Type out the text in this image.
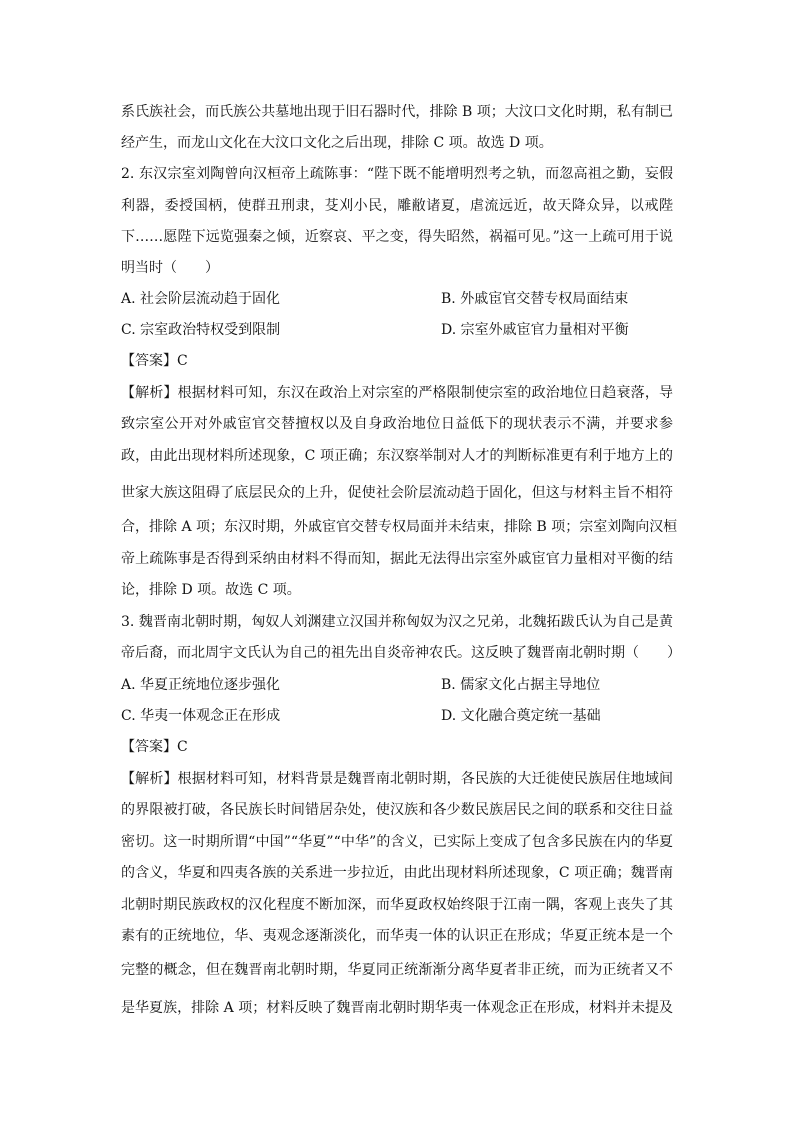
系氏族社会，而氏族公共墓地出现于旧石器时代，排除 B 项；大汶口文化时期，私有制已
经产生，而龙山文化在大汶口文化之后出现，排除 C 项。故选 D 项。
2. 东汉宗室刘陶曾向汉桓帝上疏陈事：“陛下既不能增明烈考之轨，而忽高祖之勤，妄假
利器，委授国柄，使群丑刑隶，芟刈小民，雕敝诸夏，虐流远近，故天降众异，以戒陛
下……愿陛下远览强秦之倾，近察哀、平之变，得失昭然，祸福可见。”这一上疏可用于说
明当时（　　）
A. 社会阶层流动趋于固化	B. 外戚宦官交替专权局面结束
C. 宗室政治特权受到限制	D. 宗室外戚宦官力量相对平衡
【答案】C
【解析】根据材料可知，东汉在政治上对宗室的严格限制使宗室的政治地位日趋衰落，导
致宗室公开对外戚宦官交替擅权以及自身政治地位日益低下的现状表示不满，并要求参
政，由此出现材料所述现象，C 项正确；东汉察举制对人才的判断标准更有利于地方上的
世家大族这阻碍了底层民众的上升，促使社会阶层流动趋于固化，但这与材料主旨不相符
合，排除 A 项；东汉时期，外戚宦官交替专权局面并未结束，排除 B 项；宗室刘陶向汉桓
帝上疏陈事是否得到采纳由材料不得而知，据此无法得出宗室外戚宦官力量相对平衡的结
论，排除 D 项。故选 C 项。
3. 魏晋南北朝时期，匈奴人刘渊建立汉国并称匈奴为汉之兄弟，北魏拓跋氏认为自己是黄
帝后裔，而北周宇文氏认为自己的祖先出自炎帝神农氏。这反映了魏晋南北朝时期（　　）
A. 华夏正统地位逐步强化	B. 儒家文化占据主导地位
C. 华夷一体观念正在形成	D. 文化融合奠定统一基础
【答案】C
【解析】根据材料可知，材料背景是魏晋南北朝时期，各民族的大迁徙使民族居住地域间
的界限被打破，各民族长时间错居杂处，使汉族和各少数民族居民之间的联系和交往日益
密切。这一时期所谓“中国”“华夏”“中华”的含义，已实际上变成了包含多民族在内的华夏
的含义，华夏和四夷各族的关系进一步拉近，由此出现材料所述现象，C 项正确；魏晋南
北朝时期民族政权的汉化程度不断加深，而华夏政权始终限于江南一隅，客观上丧失了其
素有的正统地位，华、夷观念逐渐淡化，而华夷一体的认识正在形成；华夏正统本是一个
完整的概念，但在魏晋南北朝时期，华夏同正统渐渐分离华夏者非正统，而为正统者又不
是华夏族，排除 A 项；材料反映了魏晋南北朝时期华夷一体观念正在形成，材料并未提及
